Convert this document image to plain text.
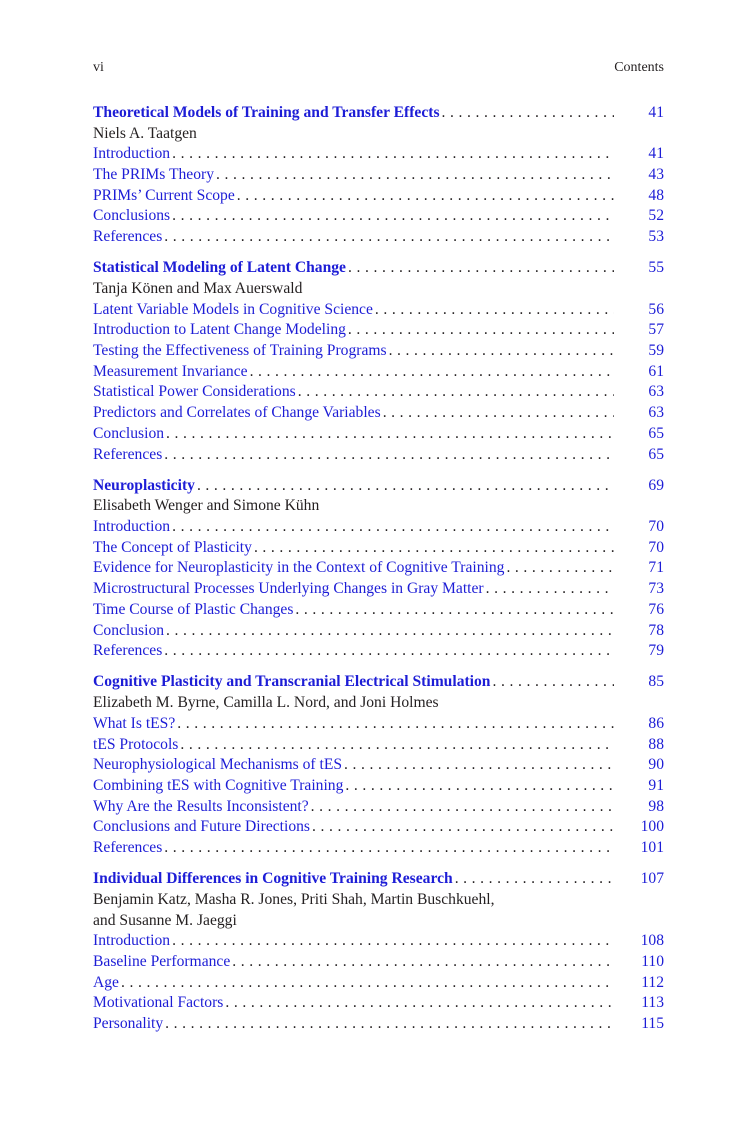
vi	Contents
Theoretical Models of Training and Transfer Effects . . .	41
Niels A. Taatgen
Introduction . . .	41
The PRIMs Theory . . .	43
PRIMs’ Current Scope . . .	48
Conclusions . . .	52
References . . .	53
Statistical Modeling of Latent Change . . .	55
Tanja Könen and Max Auerswald
Latent Variable Models in Cognitive Science . . .	56
Introduction to Latent Change Modeling . . .	57
Testing the Effectiveness of Training Programs . . .	59
Measurement Invariance . . .	61
Statistical Power Considerations . . .	63
Predictors and Correlates of Change Variables . . .	63
Conclusion . . .	65
References . . .	65
Neuroplasticity . . .	69
Elisabeth Wenger and Simone Kühn
Introduction . . .	70
The Concept of Plasticity . . .	70
Evidence for Neuroplasticity in the Context of Cognitive Training . . .	71
Microstructural Processes Underlying Changes in Gray Matter . . .	73
Time Course of Plastic Changes . . .	76
Conclusion . . .	78
References . . .	79
Cognitive Plasticity and Transcranial Electrical Stimulation . . .	85
Elizabeth M. Byrne, Camilla L. Nord, and Joni Holmes
What Is tES? . . .	86
tES Protocols . . .	88
Neurophysiological Mechanisms of tES . . .	90
Combining tES with Cognitive Training . . .	91
Why Are the Results Inconsistent? . . .	98
Conclusions and Future Directions . . .	100
References . . .	101
Individual Differences in Cognitive Training Research . . .	107
Benjamin Katz, Masha R. Jones, Priti Shah, Martin Buschkuehl,
and Susanne M. Jaeggi
Introduction . . .	108
Baseline Performance . . .	110
Age . . .	112
Motivational Factors . . .	113
Personality . . .	115
